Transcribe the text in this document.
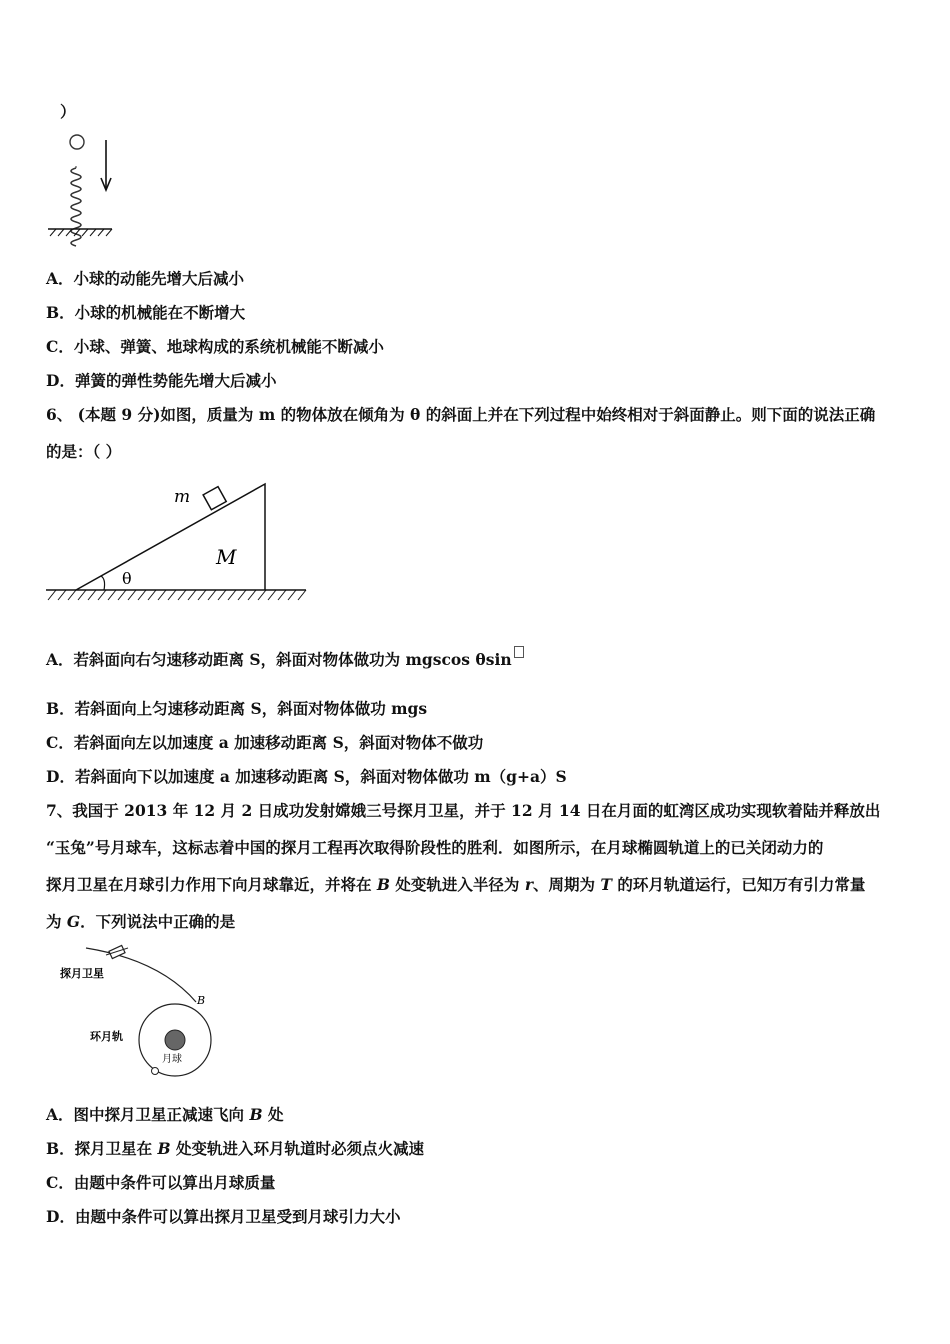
）
A．小球的动能先增大后减小
B．小球的机械能在不断增大
C．小球、弹簧、地球构成的系统机械能不断减小
D．弹簧的弹性势能先增大后减小
6、 (本题 9 分)如图，质量为 m 的物体放在倾角为 θ 的斜面上并在下列过程中始终相对于斜面静止。则下面的说法正确
的是：（ ）
m
M
θ
A．若斜面向右匀速移动距离 S，斜面对物体做功为 mgscos θsin
B．若斜面向上匀速移动距离 S，斜面对物体做功 mgs
C．若斜面向左以加速度 a 加速移动距离 S，斜面对物体不做功
D．若斜面向下以加速度 a 加速移动距离 S，斜面对物体做功 m（g+a）S
7、我国于 2013 年 12 月 2 日成功发射嫦娥三号探月卫星，并于 12 月 14 日在月面的虹湾区成功实现软着陆并释放出
“玉兔”号月球车，这标志着中国的探月工程再次取得阶段性的胜利．如图所示，在月球椭圆轨道上的已关闭动力的
探月卫星在月球引力作用下向月球靠近，并将在 B 处变轨进入半径为 r、周期为 T 的环月轨道运行，已知万有引力常量
为 G．下列说法中正确的是
探月卫星
B
环月轨
月球
A．图中探月卫星正减速飞向 B 处
B．探月卫星在 B 处变轨进入环月轨道时必须点火减速
C．由题中条件可以算出月球质量
D．由题中条件可以算出探月卫星受到月球引力大小
